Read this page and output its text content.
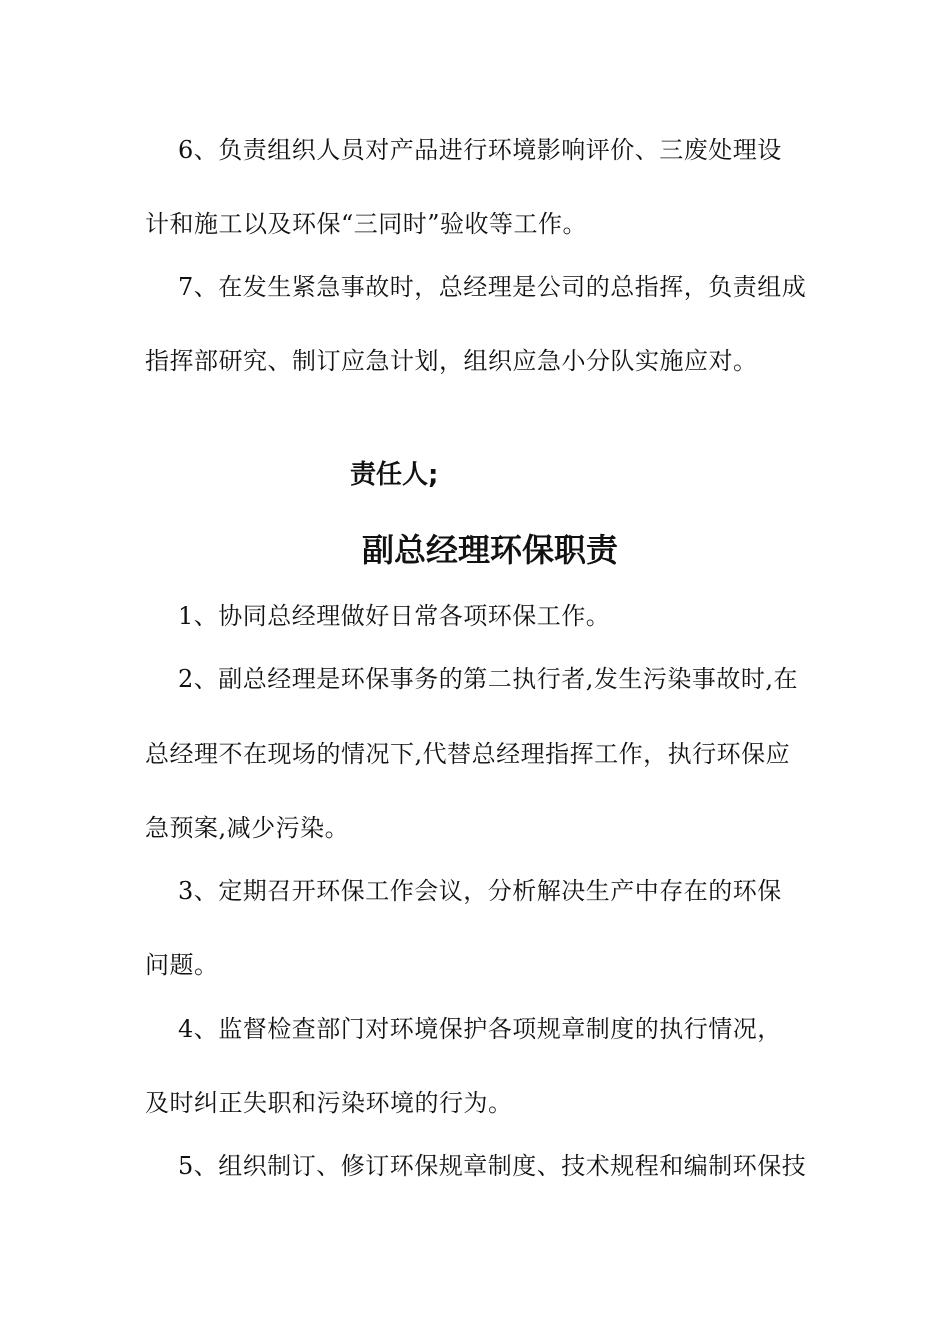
6、负责组织人员对产品进行环境影响评价、三废处理设
计和施工以及环保“三同时”验收等工作。
7、在发生紧急事故时，总经理是公司的总指挥，负责组成
指挥部研究、制订应急计划，组织应急小分队实施应对。
责任人;
副总经理环保职责
1、协同总经理做好日常各项环保工作。
2、副总经理是环保事务的第二执行者,发生污染事故时,在
总经理不在现场的情况下,代替总经理指挥工作，执行环保应
急预案,减少污染。
3、定期召开环保工作会议，分析解决生产中存在的环保
问题。
4、监督检查部门对环境保护各项规章制度的执行情况，
及时纠正失职和污染环境的行为。
5、组织制订、修订环保规章制度、技术规程和编制环保技
